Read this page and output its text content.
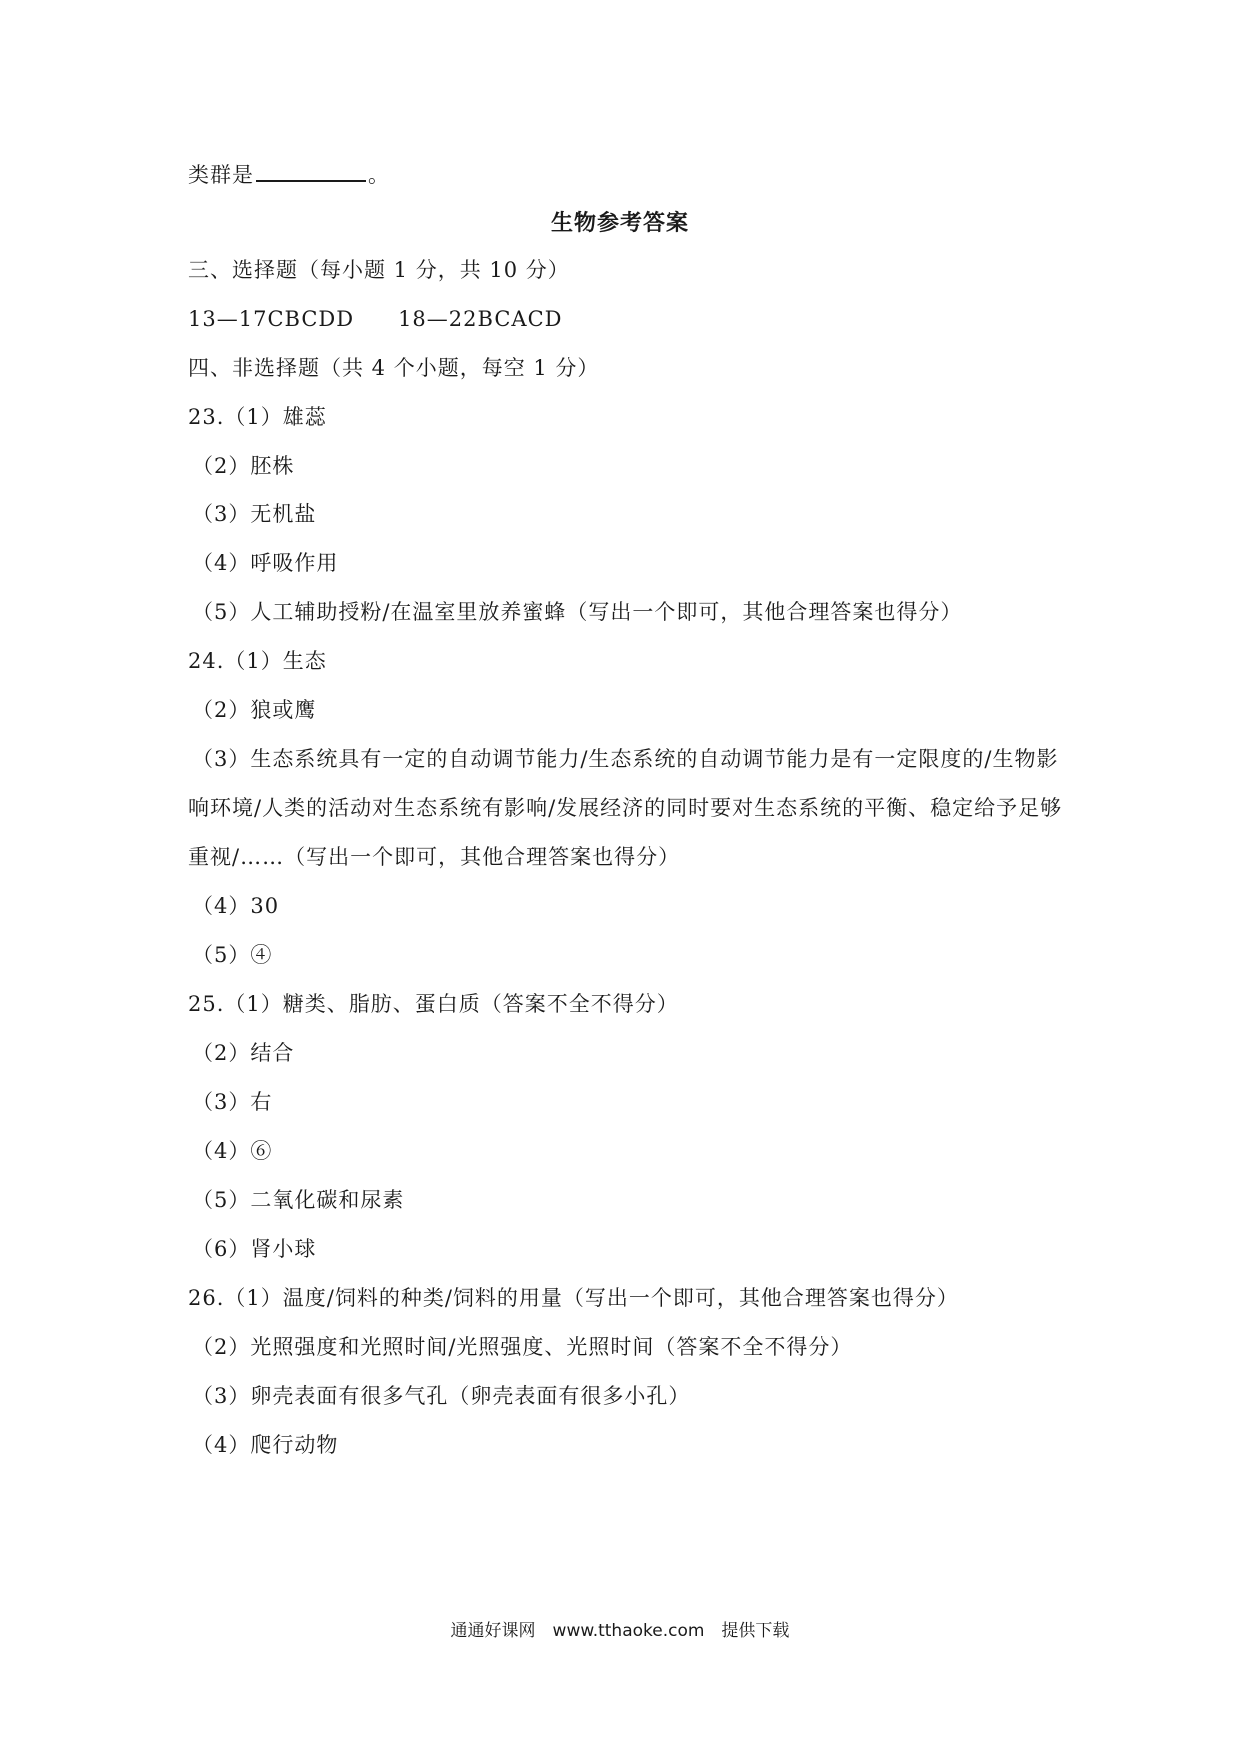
类群是	。
生物参考答案
三、选择题（每小题 1 分，共 10 分）
13—17CBCDD　　18—22BCACD
四、非选择题（共 4 个小题，每空 1 分）
23.（1）雄蕊
（2）胚株
（3）无机盐
（4）呼吸作用
（5）人工辅助授粉/在温室里放养蜜蜂（写出一个即可，其他合理答案也得分）
24.（1）生态
（2）狼或鹰
（3）生态系统具有一定的自动调节能力/生态系统的自动调节能力是有一定限度的/生物影
响环境/人类的活动对生态系统有影响/发展经济的同时要对生态系统的平衡、稳定给予足够
重视/……（写出一个即可，其他合理答案也得分）
（4）30
（5）④
25.（1）糖类、脂肪、蛋白质（答案不全不得分）
（2）结合
（3）右
（4）⑥
（5）二氧化碳和尿素
（6）肾小球
26.（1）温度/饲料的种类/饲料的用量（写出一个即可，其他合理答案也得分）
（2）光照强度和光照时间/光照强度、光照时间（答案不全不得分）
（3）卵壳表面有很多气孔（卵壳表面有很多小孔）
（4）爬行动物
通通好课网　www.tthaoke.com　提供下载
